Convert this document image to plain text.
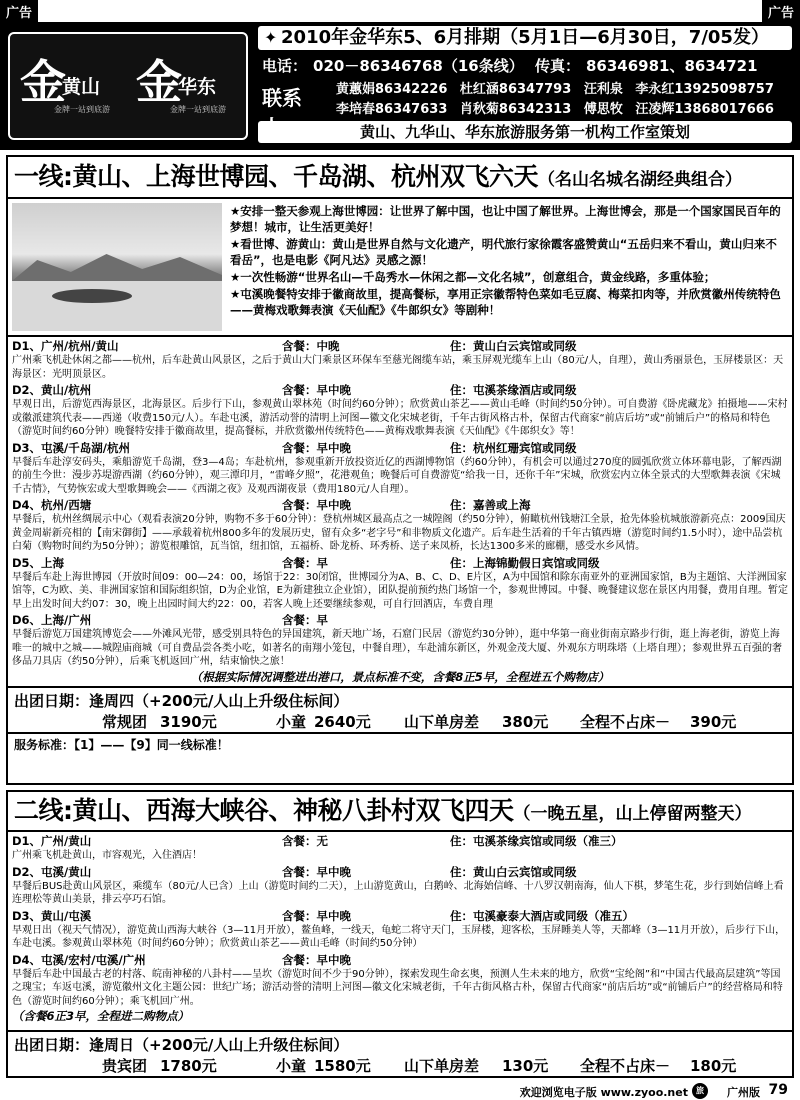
广告	广告
金
黄山
金牌一站到底游
金
华东
金牌一站到底游
✦ 2010年金华东5、6月排期（5月1日—6月30日，7/05发）
电话： 020－86346768（16条线） 传真： 86346981、8634721
联系	黄蕙娟86342226 杜红涵86347793 汪利泉 李永红13925098757
李培春86347633 肖秋菊86342313 傅思牧 汪凌辉13868017666
黄山、九华山、华东旅游服务第一机构工作室策划
一线:黄山、上海世博园、千岛湖、杭州双飞六天（名山名城名湖经典组合）

★安排一整天参观上海世博园：让世界了解中国，也让中国了解世界。上海世博会，那是一个国家国民百年的梦想！城市，让生活更美好！

★看世博、游黄山：黄山是世界自然与文化遗产，明代旅行家徐霞客盛赞黄山“五岳归来不看山，黄山归来不看岳”，也是电影《阿凡达》灵感之源！

★一次性畅游“世界名山—千岛秀水—休闲之都—文化名城”，创意组合，黄金线路，多重体验；

★屯溪晚餐特安排于徽商故里，提高餐标，享用正宗徽帮特色菜如毛豆腐、梅菜扣肉等，并欣赏徽州传统特色——黄梅戏歌舞表演《天仙配》《牛郎织女》等剧种！

D1、广州/杭州/黄山	含餐：中晚	住：黄山白云宾馆或同级
广州乘飞机赴休闲之都——杭州，后车赴黄山风景区，之后于黄山大门乘景区环保车至慈光阁缆车站，乘玉屏观光缆车上山（80元/人，自理），黄山秀丽景色，玉屏楼景区：天海景区：光明顶景区。
D2、黄山/杭州	含餐：早中晚	住：屯溪茶缘酒店或同级
早观日出，后游览西海景区，北海景区。后步行下山，参观黄山翠林苑（时间约60分钟）；欣赏黄山茶艺——黄山毛峰（时间约50分钟）。可自费游《卧虎藏龙》拍摄地——宋村或徽派建筑代表——西递（收费150元/人）。车赴屯溪，游活动誉的清明上河图—徽文化宋城老街，千年古街风格古朴，保留古代商家“前店后坊”或“前铺后户”的格局和特色（游览时间约60分钟）晚餐特安排于徽商故里，提高餐标，并欣赏徽州传统特色——黄梅戏歌舞表演《天仙配》《牛郎织女》等！
D3、屯溪/千岛湖/杭州	含餐：早中晚	住：杭州红珊宾馆或同级
早餐后车赴淳安码头，乘船游览千岛湖，登3—4岛；车赴杭州，参观重新开放投资近亿的西湖博物馆（约60分钟），有机会可以通过270度的圆弧欣赏立体环幕电影，了解西湖的前生今世：漫步苏堤游西湖（约60分钟），观三潭印月，“雷峰夕照”，花港观鱼；晚餐后可自费游览“给我一日，还你千年”宋城，欣赏宏内立体全景式的大型歌舞表演《宋城千古情》，气势恢宏或大型歌舞晚会——《西湖之夜》及观西湖夜景（费用180元/人自理）。
D4、杭州/西塘	含餐：早中晚	住：嘉善或上海
早餐后，杭州丝绸展示中心（观看表演20分钟，购物不多于60分钟）：登杭州城区最高点之一城隍阁（约50分钟），俯瞰杭州钱塘江全景，抢先体验杭城旅游新亮点：2009国庆黄金周崭新亮相的【南宋御街】——承载着杭州800多年的发展历史，留有众多“老字号”和非物质文化遗产。后车赴生活着的千年古镇西塘（游览时间约1.5小时），途中品尝杭白菊（购物时间约为50分钟）；游览根雕馆，瓦当馆，纽扣馆，五福桥、卧龙桥、环秀桥、送子来凤桥，长达1300多米的廊棚，感受水乡风情。
D5、上海	含餐：早	住：上海锦勤假日宾馆或同级
早餐后车赴上海世博园（开放时间09：00—24：00，场馆于22：30闭馆，世博园分为A、B、C、D、E片区，A为中国馆和除东南亚外的亚洲国家馆，B为主题馆、大洋洲国家馆等，C为欧、美、非洲国家馆和国际组织馆，D为企业馆，E为新建独立企业馆），团队提前预约热门场馆一个，参观世博园。中餐、晚餐建议您在景区内用餐，费用自理。暂定早上出发时间大约07：30，晚上出园时间大约22：00，若客人晚上还要继续参观，可自行回酒店，车费自理
D6、上海/广州	含餐：早
早餐后游览万国建筑博览会——外滩风光带，感受别具特色的异国建筑，新天地广场，石窟门民居（游览约30分钟），逛中华第一商业街南京路步行街，逛上海老街，游览上海唯一的城中之城——城隍庙商城（可自费品尝各类小吃，如著名的南翔小笼包，中餐自理），车赴浦东新区，外观金茂大厦、外观东方明珠塔（上塔自理）；参观世界五百强的奢侈品刀具店（约50分钟），后乘飞机返回广州，结束愉快之旅！
（根据实际情况调整进出港口，景点标准不变，含餐8正5早，全程进五个购物店）
出团日期：逢周四（+200元/人山上升级住标间）
常规团 3190元	小童 2640元 山下单房差 380元 全程不占床－ 390元
服务标准：【1】——【9】同一线标准！
二线:黄山、西海大峡谷、神秘八卦村双飞四天（一晚五星，山上停留两整天）
D1、广州/黄山	含餐：无	住：屯溪茶缘宾馆或同级（准三）
广州乘飞机赴黄山，市容观光，入住酒店！
D2、屯溪/黄山	含餐：早中晚	住：黄山白云宾馆或同级
早餐后BUS赴黄山风景区，乘缆车（80元/人已含）上山（游览时间约二天），上山游览黄山，白鹅岭、北海始信峰、十八罗汉朝南海，仙人下棋，梦笔生花，步行到始信峰上看连理松等黄山美景，排云亭巧石馆。
D3、黄山/屯溪	含餐：早中晚	住：屯溪豪泰大酒店或同级（准五）
早观日出（视天气情况），游览黄山西海大峡谷（3—11月开放），鳌鱼峰，一线天，龟蛇二将守天门，玉屏楼，迎客松，玉屏睡美人等，天都峰（3—11月开放），后步行下山，车赴屯溪。参观黄山翠林苑（时间约60分钟）；欣赏黄山茶艺——黄山毛峰（时间约50分钟）
D4、屯溪/宏村/屯溪/广州	含餐：早中晚
早餐后车赴中国最古老的村落、皖南神秘的八卦村——呈坎（游览时间不少于90分钟），探索发现生命玄奥，预测人生未来的地方，欣赏“宝纶阁”和“中国古代最高层建筑”等国之瑰宝；车返屯溪，游览徽州文化主题公园：世纪广场；游活动誉的清明上河图—徽文化宋城老街，千年古街风格古朴，保留古代商家“前店后坊”或“前铺后户”的经营格局和特色（游览时间约60分钟）；乘飞机回广州。
（含餐6正3早，全程进二购物点）
出团日期：逢周日（+200元/人山上升级住标间）
贵宾团 1780元	小童 1580元 山下单房差 130元 全程不占床－ 180元
欢迎浏览电子版 www.zyoo.net	旅	广州版 79
